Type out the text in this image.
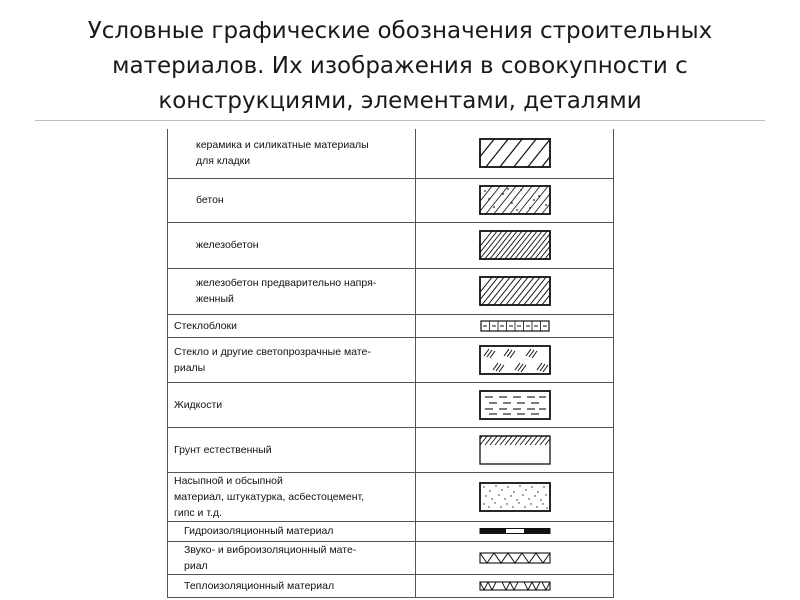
Условные графические обозначения строительных материалов. Их изображения в совокупности с конструкциями, элементами, деталями
керамика и силикатные материалы
для кладки	

бетон	

железобетон	

железобетон предварительно напря-
женный	

Стеклоблоки	

Стекло и другие светопрозрачные мате-
риалы	

Жидкости	

Грунт естественный	

Насыпной и обсыпной
материал, штукатурка, асбестоцемент,
гипс и т.д.	

Гидроизоляционный материал	

Звуко- и виброизоляционный мате-
риал	

Теплоизоляционный материал	
